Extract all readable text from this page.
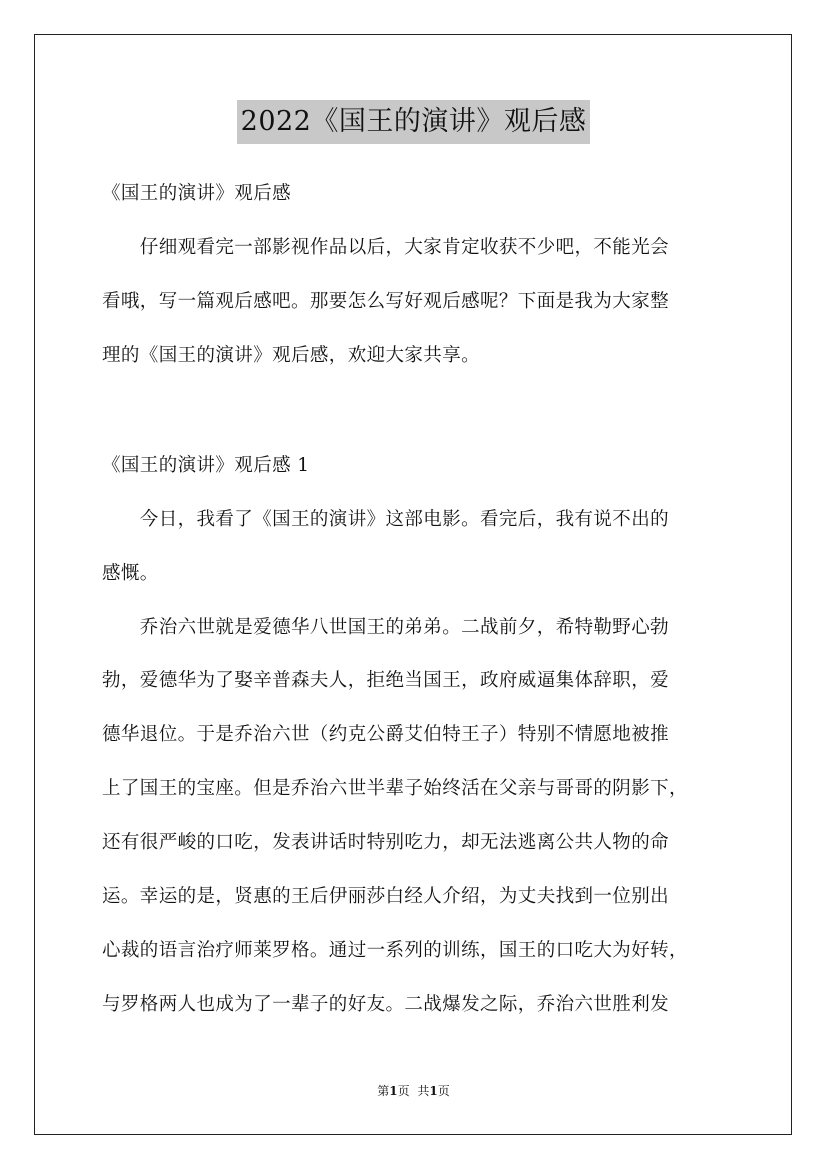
2022《国王的演讲》观后感
《国王的演讲》观后感
　　仔细观看完一部影视作品以后，大家肯定收获不少吧，不能光会
看哦，写一篇观后感吧。那要怎么写好观后感呢？下面是我为大家整
理的《国王的演讲》观后感，欢迎大家共享。
《国王的演讲》观后感 1
　　今日，我看了《国王的演讲》这部电影。看完后，我有说不出的
感慨。
　　乔治六世就是爱德华八世国王的弟弟。二战前夕，希特勒野心勃
勃，爱德华为了娶辛普森夫人，拒绝当国王，政府威逼集体辞职，爱
德华退位。于是乔治六世（约克公爵艾伯特王子）特别不情愿地被推
上了国王的宝座。但是乔治六世半辈子始终活在父亲与哥哥的阴影下，
还有很严峻的口吃，发表讲话时特别吃力，却无法逃离公共人物的命
运。幸运的是，贤惠的王后伊丽莎白经人介绍，为丈夫找到一位别出
心裁的语言治疗师莱罗格。通过一系列的训练，国王的口吃大为好转，
与罗格两人也成为了一辈子的好友。二战爆发之际，乔治六世胜利发
第1页 共1页
